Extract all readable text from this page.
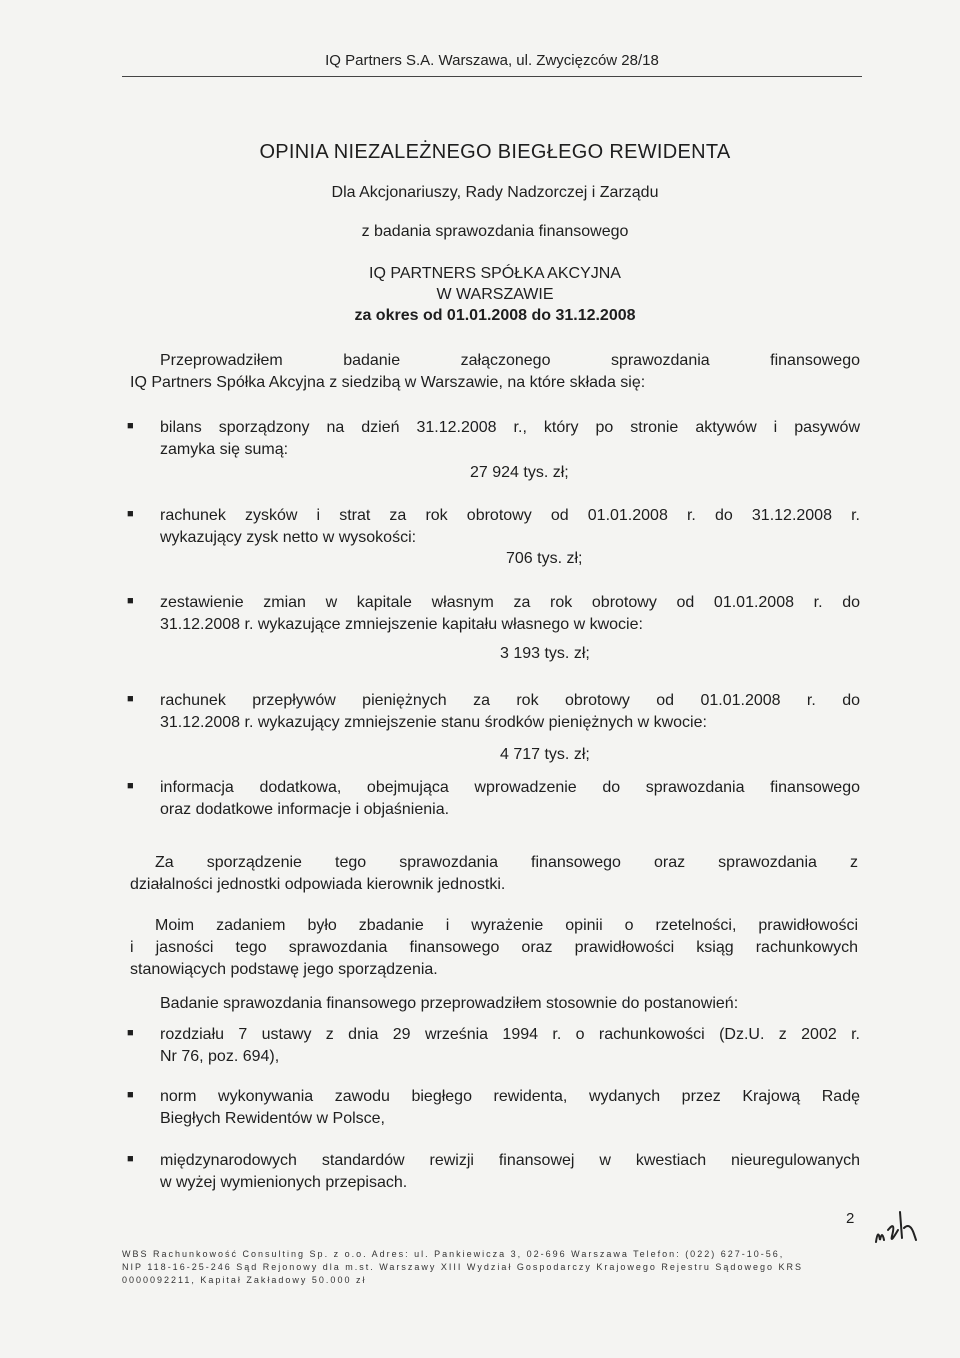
IQ Partners S.A. Warszawa, ul. Zwycięzców 28/18
OPINIA NIEZALEŻNEGO BIEGŁEGO REWIDENTA
Dla Akcjonariuszy, Rady Nadzorczej i Zarządu
z badania sprawozdania finansowego
IQ PARTNERS SPÓŁKA AKCYJNA
W WARSZAWIE
za okres od 01.01.2008 do 31.12.2008
Przeprowadziłem badanie załączonego sprawozdania finansowego
IQ Partners Spółka Akcyjna z siedzibą w Warszawie, na które składa się:
■ bilans sporządzony na dzień 31.12.2008 r., który po stronie aktywów i pasywów
zamyka się sumą:
27 924 tys. zł;
■ rachunek zysków i strat za rok obrotowy od 01.01.2008 r. do 31.12.2008 r.
wykazujący zysk netto w wysokości:
706 tys. zł;
■ zestawienie zmian w kapitale własnym za rok obrotowy od 01.01.2008 r. do
31.12.2008 r. wykazujące zmniejszenie kapitału własnego w kwocie:
3 193 tys. zł;
■ rachunek przepływów pieniężnych za rok obrotowy od 01.01.2008 r. do
31.12.2008 r. wykazujący zmniejszenie stanu środków pieniężnych w kwocie:
4 717 tys. zł;
■ informacja dodatkowa, obejmująca wprowadzenie do sprawozdania finansowego
oraz dodatkowe informacje i objaśnienia.
Za sporządzenie tego sprawozdania finansowego oraz sprawozdania z
działalności jednostki odpowiada kierownik jednostki.
Moim zadaniem było zbadanie i wyrażenie opinii o rzetelności, prawidłowości
i jasności tego sprawozdania finansowego oraz prawidłowości ksiąg rachunkowych
stanowiących podstawę jego sporządzenia.
Badanie sprawozdania finansowego przeprowadziłem stosownie do postanowień:
■ rozdziału 7 ustawy z dnia 29 września 1994 r. o rachunkowości (Dz.U. z 2002 r.
Nr 76, poz. 694),
■ norm wykonywania zawodu biegłego rewidenta, wydanych przez Krajową Radę
Biegłych Rewidentów w Polsce,
■ międzynarodowych standardów rewizji finansowej w kwestiach nieuregulowanych
w wyżej wymienionych przepisach.
2
WBS Rachunkowość Consulting Sp. z o.o. Adres: ul. Pankiewicza 3, 02-696 Warszawa Telefon: (022) 627-10-56,
NIP 118-16-25-246 Sąd Rejonowy dla m.st. Warszawy XIII Wydział Gospodarczy Krajowego Rejestru Sądowego KRS
0000092211, Kapitał Zakładowy 50.000 zł
